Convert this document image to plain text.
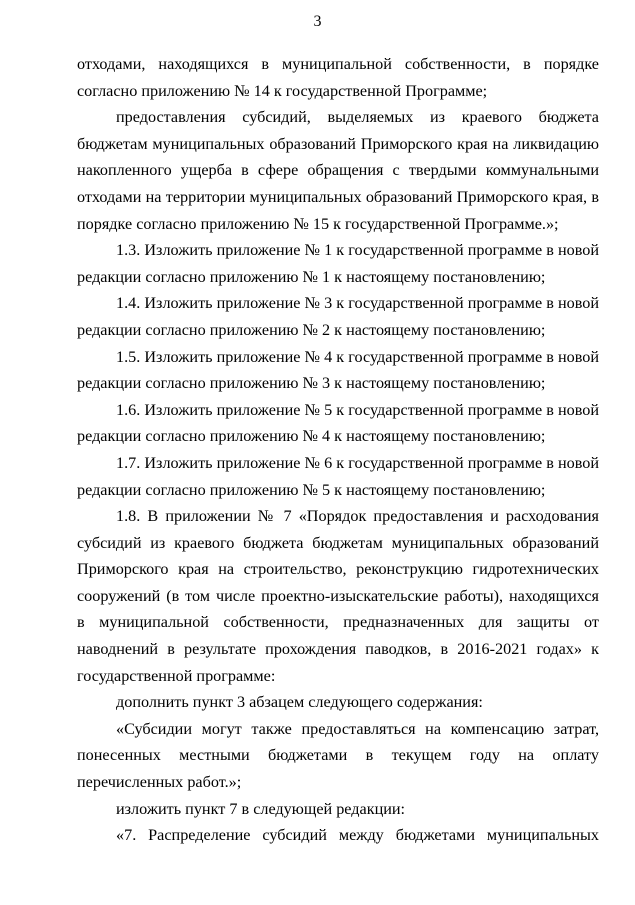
3

отходами, находящихся в муниципальной собственности, в порядке согласно приложению № 14 к государственной Программе;

предоставления субсидий, выделяемых из краевого бюджета бюджетам муниципальных образований Приморского края на ликвидацию накопленного ущерба в сфере обращения с твердыми коммунальными отходами на территории муниципальных образований Приморского края, в порядке согласно приложению № 15 к государственной Программе.»;

1.3. Изложить приложение № 1 к государственной программе в новой редакции согласно приложению № 1 к настоящему постановлению;

1.4. Изложить приложение № 3 к государственной программе в новой редакции согласно приложению № 2 к настоящему постановлению;

1.5. Изложить приложение № 4 к государственной программе в новой редакции согласно приложению № 3 к настоящему постановлению;

1.6. Изложить приложение № 5 к государственной программе в новой редакции согласно приложению № 4 к настоящему постановлению;

1.7. Изложить приложение № 6 к государственной программе в новой редакции согласно приложению № 5 к настоящему постановлению;

1.8. В приложении № 7 «Порядок предоставления и расходования субсидий из краевого бюджета бюджетам муниципальных образований Приморского края на строительство, реконструкцию гидротехнических сооружений (в том числе проектно-изыскательские работы), находящихся в муниципальной собственности, предназначенных для защиты от наводнений в результате прохождения паводков, в 2016-2021 годах» к государственной программе:

дополнить пункт 3 абзацем следующего содержания:

«Субсидии могут также предоставляться на компенсацию затрат, понесенных местными бюджетами в текущем году на оплату перечисленных работ.»;

изложить пункт 7 в следующей редакции:

«7. Распределение субсидий между бюджетами муниципальных
